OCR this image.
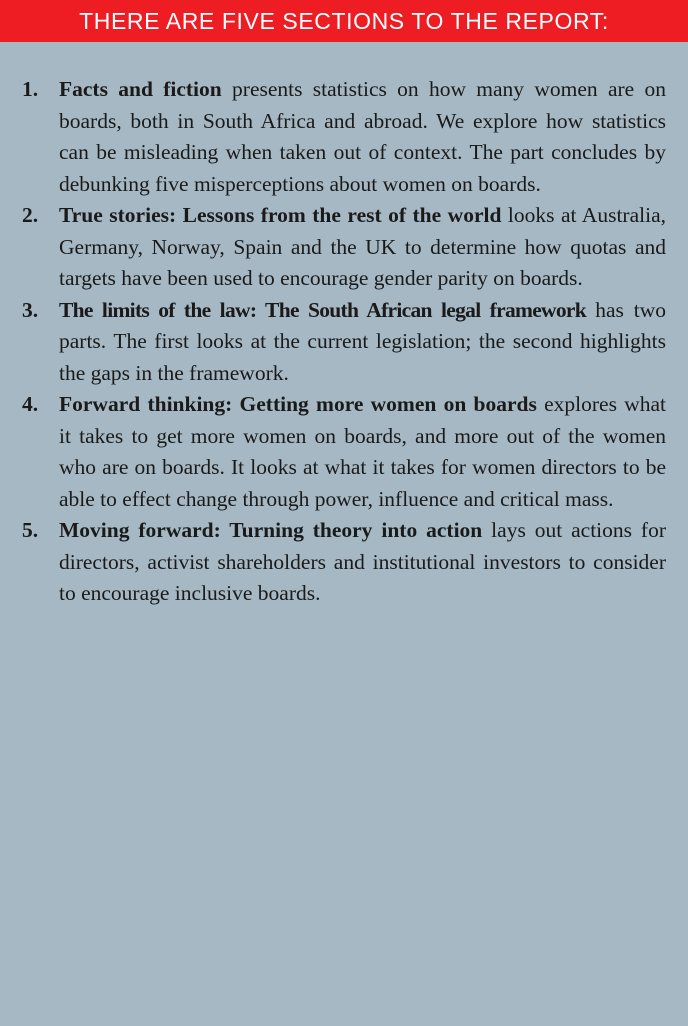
THERE ARE FIVE SECTIONS TO THE REPORT:
1. Facts and fiction presents statistics on how many women are on boards, both in South Africa and abroad. We explore how statistics can be misleading when taken out of context. The part concludes by debunking five misperceptions about women on boards.
2. True stories: Lessons from the rest of the world looks at Australia, Germany, Norway, Spain and the UK to determine how quotas and targets have been used to encourage gender parity on boards.
3. The limits of the law: The South African legal framework has two parts. The first looks at the current legislation; the second highlights the gaps in the framework.
4. Forward thinking: Getting more women on boards explores what it takes to get more women on boards, and more out of the women who are on boards. It looks at what it takes for women directors to be able to effect change through power, influence and critical mass.
5. Moving forward: Turning theory into action lays out actions for directors, activist shareholders and institutional investors to consider to encourage inclusive boards.
